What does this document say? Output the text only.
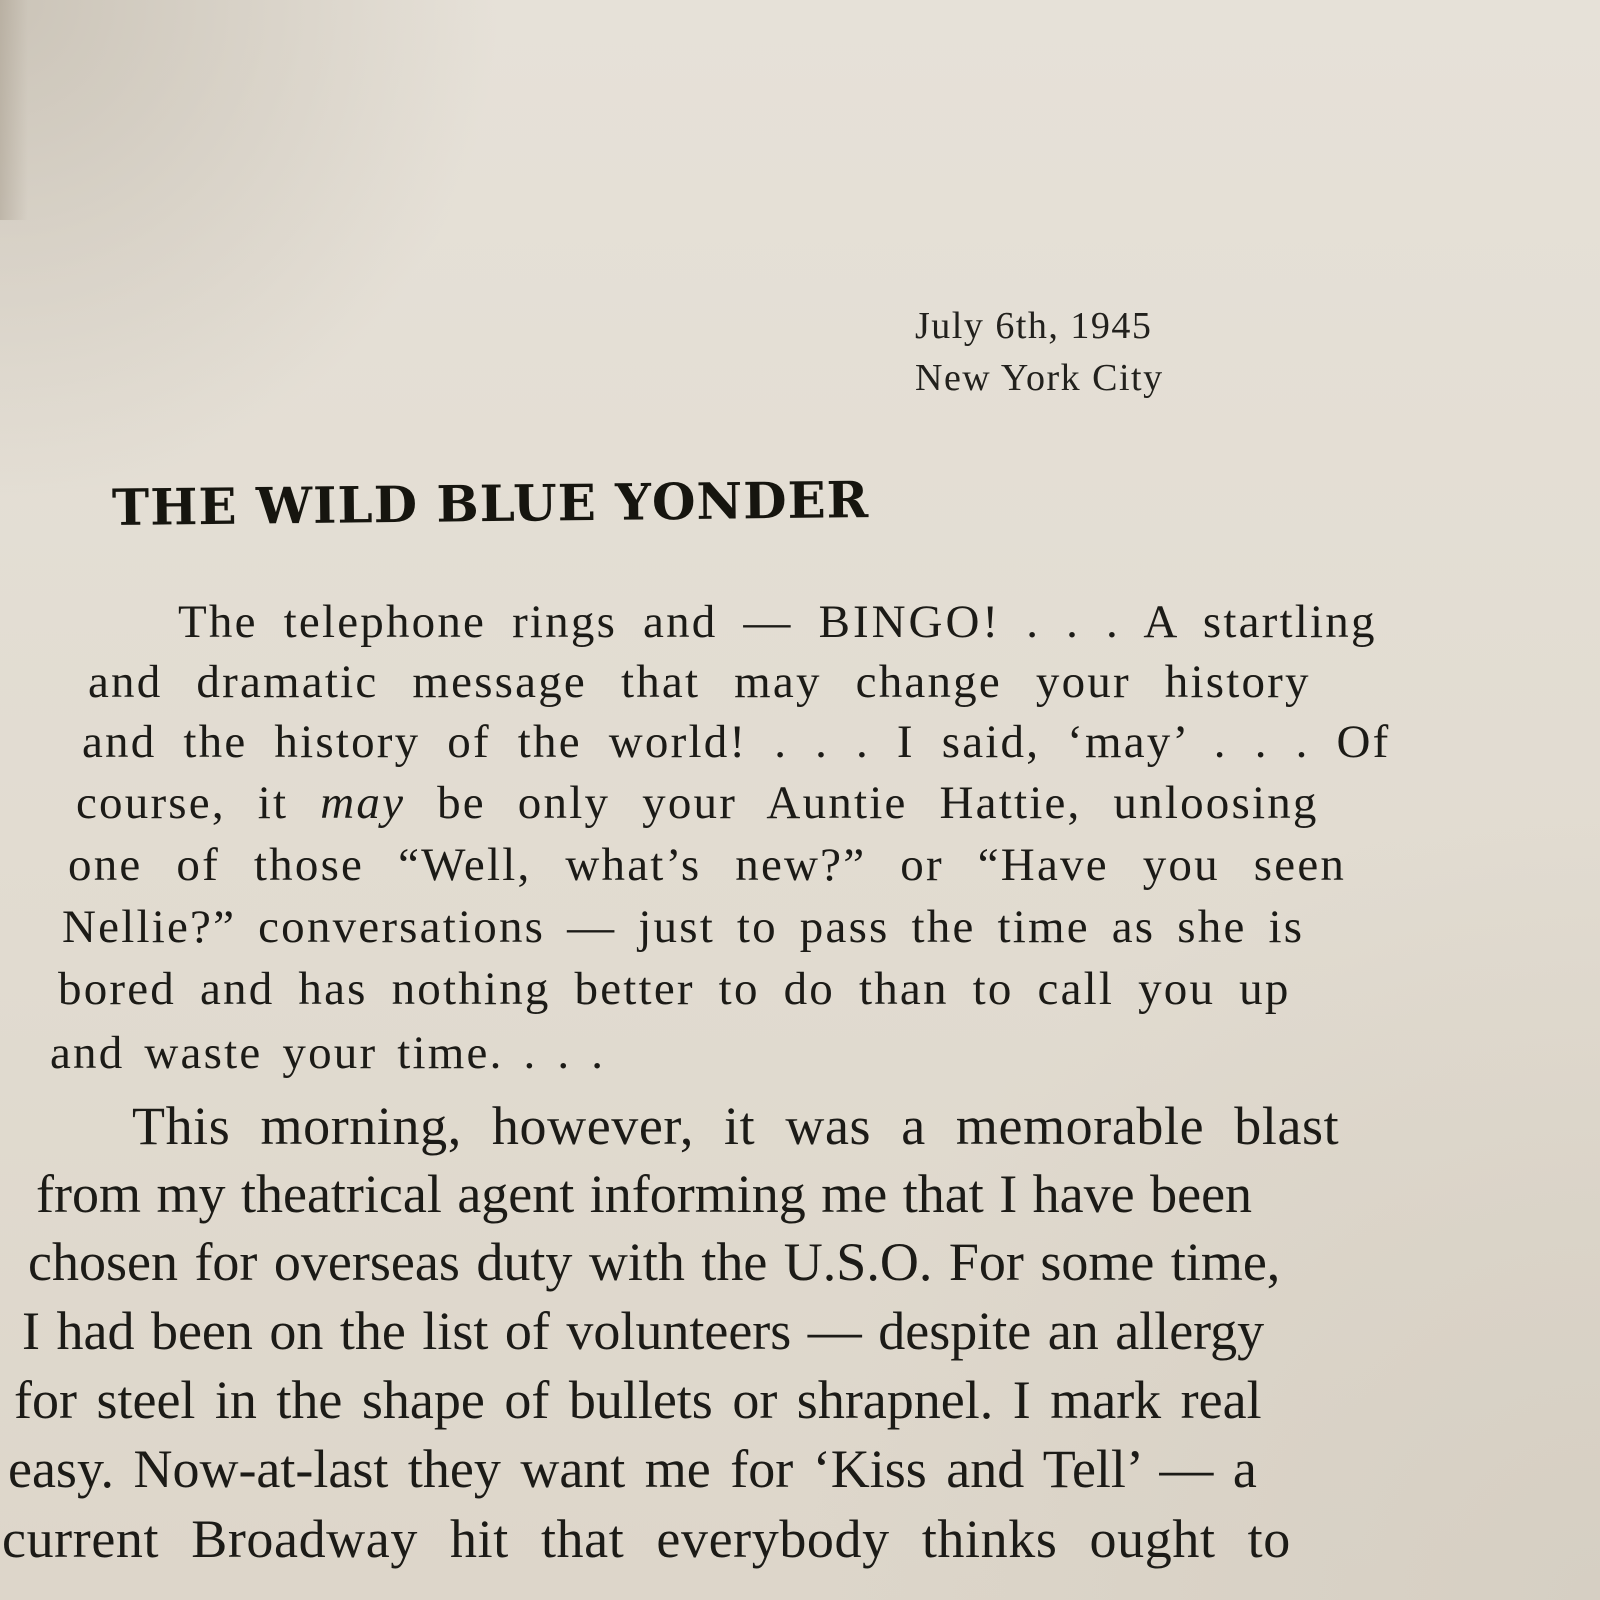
July 6th, 1945
New York City
THE WILD BLUE YONDER
The telephone rings and — BINGO! . . . A startling
and dramatic message that may change your history
and the history of the world! . . . I said, ‘may’ . . . Of
course, it may be only your Auntie Hattie, unloosing
one of those “Well, what’s new?” or “Have you seen
Nellie?” conversations — just to pass the time as she is
bored and has nothing better to do than to call you up
and waste your time. . . .
This morning, however, it was a memorable blast
from my theatrical agent informing me that I have been
chosen for overseas duty with the U.S.O. For some time,
I had been on the list of volunteers — despite an allergy
for steel in the shape of bullets or shrapnel. I mark real
easy. Now-at-last they want me for ‘Kiss and Tell’ — a
current Broadway hit that everybody thinks ought to
